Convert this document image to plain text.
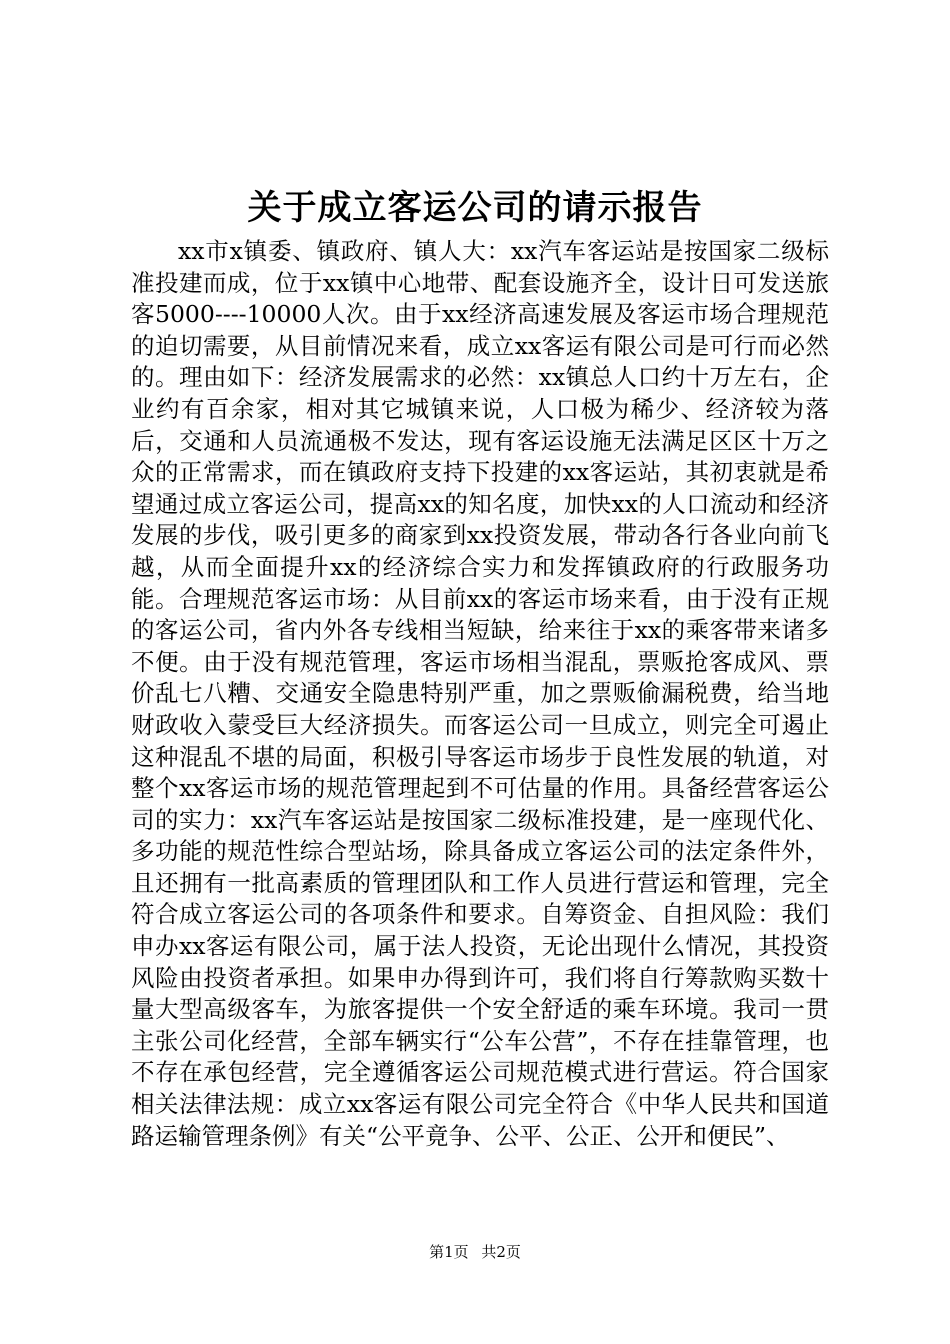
关于成立客运公司的请示报告

xx市x镇委、镇政府、镇人大：xx汽车客运站是按国家二级标准投建而成，位于xx镇中心地带、配套设施齐全，设计日可发送旅客5000----10000人次。由于xx经济高速发展及客运市场合理规范的迫切需要，从目前情况来看，成立xx客运有限公司是可行而必然的。理由如下：经济发展需求的必然：xx镇总人口约十万左右，企业约有百余家，相对其它城镇来说，人口极为稀少、经济较为落后，交通和人员流通极不发达，现有客运设施无法满足区区十万之众的正常需求，而在镇政府支持下投建的xx客运站，其初衷就是希望通过成立客运公司，提高xx的知名度，加快xx的人口流动和经济发展的步伐，吸引更多的商家到xx投资发展，带动各行各业向前飞越，从而全面提升xx的经济综合实力和发挥镇政府的行政服务功能。合理规范客运市场：从目前xx的客运市场来看，由于没有正规的客运公司，省内外各专线相当短缺，给来往于xx的乘客带来诸多不便。由于没有规范管理，客运市场相当混乱，票贩抢客成风、票价乱七八糟、交通安全隐患特别严重，加之票贩偷漏税费，给当地财政收入蒙受巨大经济损失。而客运公司一旦成立，则完全可遏止这种混乱不堪的局面，积极引导客运市场步于良性发展的轨道，对整个xx客运市场的规范管理起到不可估量的作用。具备经营客运公司的实力：xx汽车客运站是按国家二级标准投建，是一座现代化、多功能的规范性综合型站场，除具备成立客运公司的法定条件外，且还拥有一批高素质的管理团队和工作人员进行营运和管理，完全符合成立客运公司的各项条件和要求。自筹资金、自担风险：我们申办xx客运有限公司，属于法人投资，无论出现什么情况，其投资风险由投资者承担。如果申办得到许可，我们将自行筹款购买数十量大型高级客车，为旅客提供一个安全舒适的乘车环境。我司一贯主张公司化经营，全部车辆实行“公车公营”，不存在挂靠管理，也不存在承包经营，完全遵循客运公司规范模式进行营运。符合国家相关法律法规：成立xx客运有限公司完全符合《中华人民共和国道路运输管理条例》有关“公平竟争、公平、公正、公开和便民”、

第1页 共2页
